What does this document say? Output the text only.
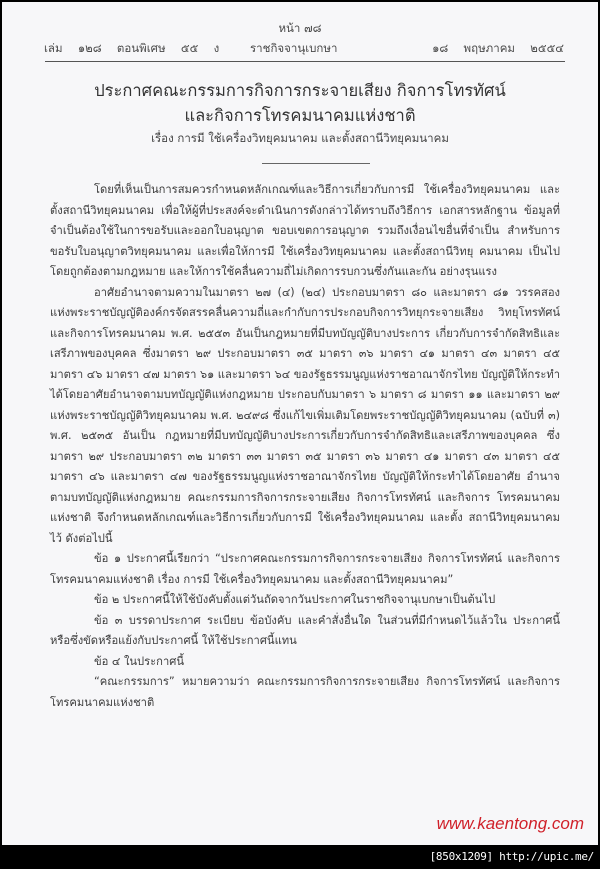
หน้า ๗๘
เล่ม  ๑๒๘  ตอนพิเศษ  ๕๕  ง	ราชกิจจานุเบกษา	๑๘  พฤษภาคม  ๒๕๕๔
ประกาศคณะกรรมการกิจการกระจายเสียง กิจการโทรทัศน์
และกิจการโทรคมนาคมแห่งชาติ
เรื่อง การมี ใช้เครื่องวิทยุคมนาคม และตั้งสถานีวิทยุคมนาคม

โดยที่เห็นเป็นการสมควรกำหนดหลักเกณฑ์และวิธีการเกี่ยวกับการมี ใช้เครื่องวิทยุคมนาคม และตั้งสถานีวิทยุคมนาคม เพื่อให้ผู้ที่ประสงค์จะดำเนินการดังกล่าวได้ทราบถึงวิธีการ เอกสารหลักฐาน ข้อมูลที่จำเป็นต้องใช้ในการขอรับและออกใบอนุญาต ขอบเขตการอนุญาต รวมถึงเงื่อนไขอื่นที่จำเป็น สำหรับการขอรับใบอนุญาตวิทยุคมนาคม และเพื่อให้การมี ใช้เครื่องวิทยุคมนาคม และตั้งสถานีวิทยุ คมนาคม เป็นไปโดยถูกต้องตามกฎหมาย และให้การใช้คลื่นความถี่ไม่เกิดการรบกวนซึ่งกันและกัน อย่างรุนแรง

อาศัยอำนาจตามความในมาตรา ๒๗ (๔) (๒๔) ประกอบมาตรา ๘๐ และมาตรา ๘๑ วรรคสอง แห่งพระราชบัญญัติองค์กรจัดสรรคลื่นความถี่และกำกับการประกอบกิจการวิทยุกระจายเสียง วิทยุโทรทัศน์ และกิจการโทรคมนาคม พ.ศ. ๒๕๕๓ อันเป็นกฎหมายที่มีบทบัญญัติบางประการ เกี่ยวกับการจำกัดสิทธิและเสรีภาพของบุคคล ซึ่งมาตรา ๒๙ ประกอบมาตรา ๓๕ มาตรา ๓๖ มาตรา ๔๑ มาตรา ๔๓ มาตรา ๔๕ มาตรา ๔๖ มาตรา ๔๗ มาตรา ๖๑ และมาตรา ๖๔ ของรัฐธรรมนูญแห่งราชอาณาจักรไทย บัญญัติให้กระทำได้โดยอาศัยอำนาจตามบทบัญญัติแห่งกฎหมาย ประกอบกับมาตรา ๖ มาตรา ๘ มาตรา ๑๑ และมาตรา ๒๙ แห่งพระราชบัญญัติวิทยุคมนาคม พ.ศ. ๒๔๙๘ ซึ่งแก้ไขเพิ่มเติมโดยพระราชบัญญัติวิทยุคมนาคม (ฉบับที่ ๓) พ.ศ. ๒๕๓๕ อันเป็น กฎหมายที่มีบทบัญญัติบางประการเกี่ยวกับการจำกัดสิทธิและเสรีภาพของบุคคล ซึ่งมาตรา ๒๙ ประกอบมาตรา ๓๒ มาตรา ๓๓ มาตรา ๓๕ มาตรา ๓๖ มาตรา ๔๑ มาตรา ๔๓ มาตรา ๔๕ มาตรา ๔๖ และมาตรา ๔๗ ของรัฐธรรมนูญแห่งราชอาณาจักรไทย บัญญัติให้กระทำได้โดยอาศัย อำนาจตามบทบัญญัติแห่งกฎหมาย คณะกรรมการกิจการกระจายเสียง กิจการโทรทัศน์ และกิจการ โทรคมนาคมแห่งชาติ จึงกำหนดหลักเกณฑ์และวิธีการเกี่ยวกับการมี ใช้เครื่องวิทยุคมนาคม และตั้ง สถานีวิทยุคมนาคมไว้ ดังต่อไปนี้

ข้อ ๑ ประกาศนี้เรียกว่า “ประกาศคณะกรรมการกิจการกระจายเสียง กิจการโทรทัศน์ และกิจการโทรคมนาคมแห่งชาติ เรื่อง การมี ใช้เครื่องวิทยุคมนาคม และตั้งสถานีวิทยุคมนาคม”

ข้อ ๒ ประกาศนี้ให้ใช้บังคับตั้งแต่วันถัดจากวันประกาศในราชกิจจานุเบกษาเป็นต้นไป

ข้อ ๓ บรรดาประกาศ ระเบียบ ข้อบังคับ และคำสั่งอื่นใด ในส่วนที่มีกำหนดไว้แล้วใน ประกาศนี้ หรือซึ่งขัดหรือแย้งกับประกาศนี้ ให้ใช้ประกาศนี้แทน

ข้อ ๔ ในประกาศนี้

“คณะกรรมการ” หมายความว่า คณะกรรมการกิจการกระจายเสียง กิจการโทรทัศน์ และกิจการโทรคมนาคมแห่งชาติ

www.kaentong.com
[850x1209] http://upic.me/
